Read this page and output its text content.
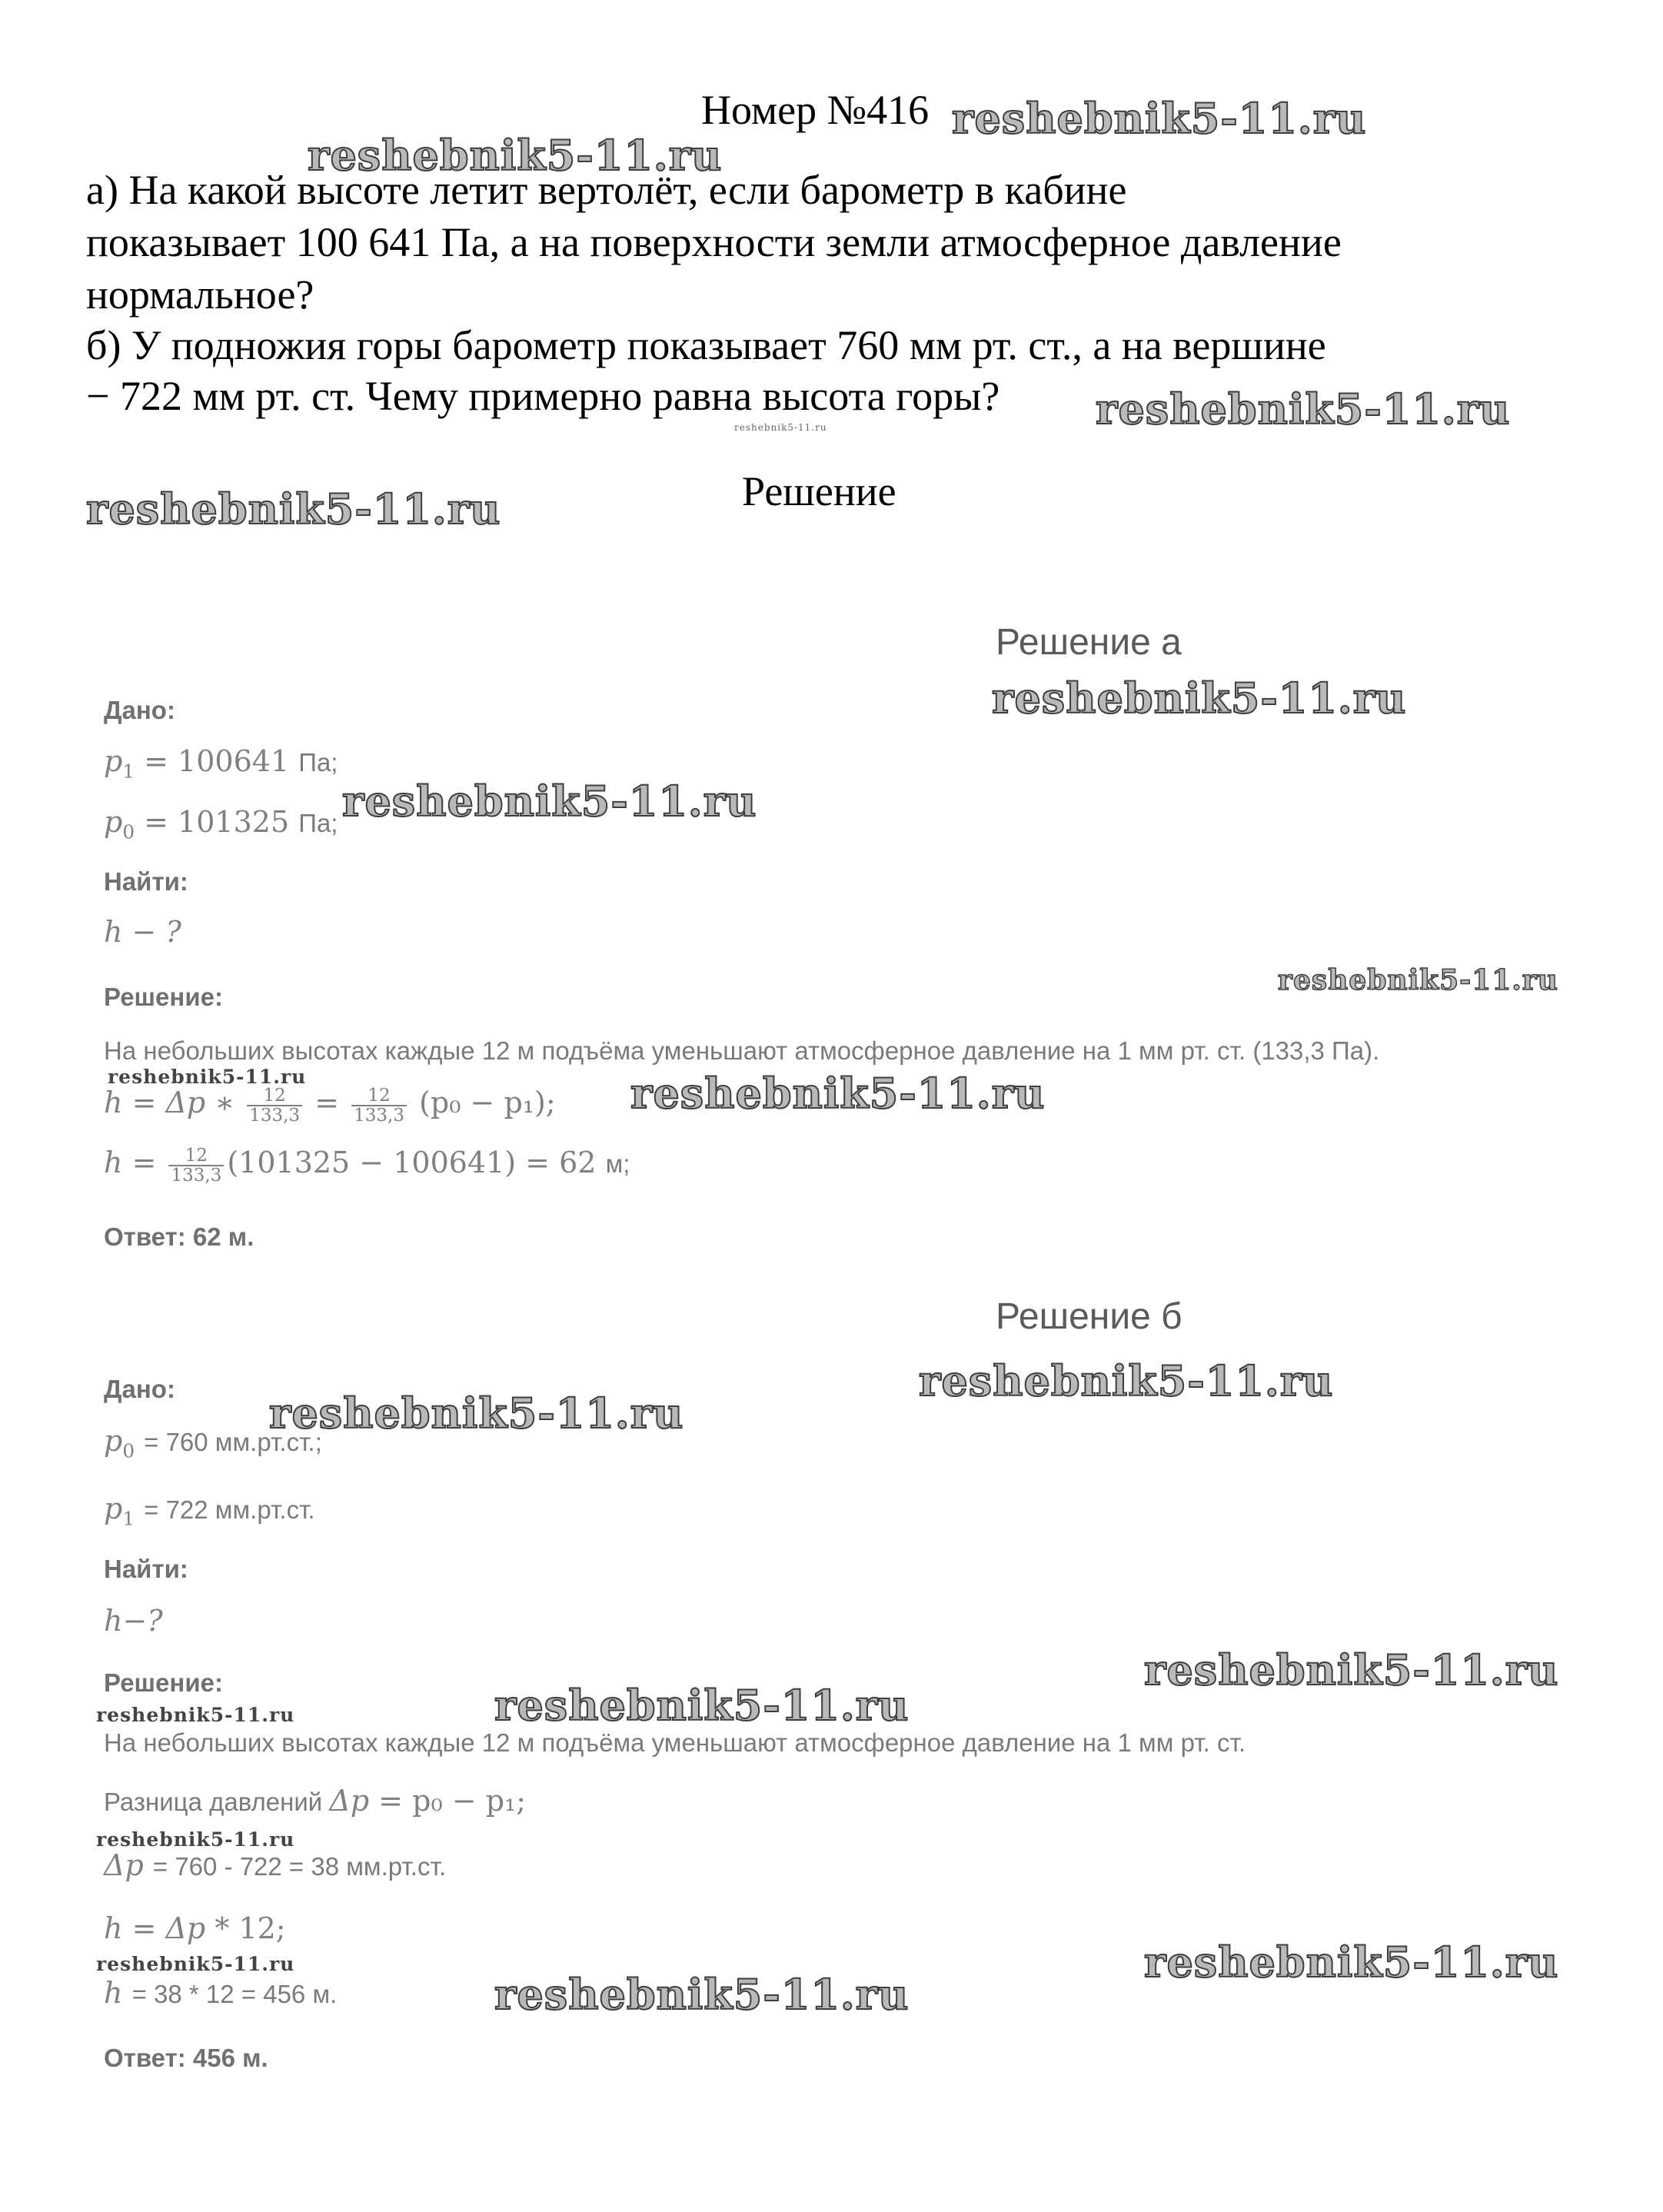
Номер №416
а) На какой высоте летит вертолёт, если барометр в кабине
показывает 100 641 Па, а на поверхности земли атмосферное давление
нормальное?
б) У подножия горы барометр показывает 760 мм рт. ст., а на вершине
− 722 мм рт. ст. Чему примерно равна высота горы?
Решение
Решение а
Дано:
$p_1 = 100641$ Па;
$p_0 = 101325$ Па;
Найти:
h − ?
Решение:
На небольших высотах каждые 12 м подъёма уменьшают атмосферное давление на 1 мм рт. ст. (133,3 Па).
h = Δp ∗ $\frac{12}{133,3} = \frac{12}{133,3} (p_0 - p_1)$;
$h = \frac{12}{133,3} (101325 - 100641) = 62$ м;
Ответ: 62 м.
Решение б
Дано:
$p_0 = 760$ мм.рт.ст.;
$p_1 = 722$ мм.рт.ст.
Найти:
h−?
Решение:
На небольших высотах каждые 12 м подъёма уменьшают атмосферное давление на 1 мм рт. ст.
Разница давлений Δp = p₀ − p₁;
Δp = 760 - 722 = 38 мм.рт.ст.
h = Δp * 12;
h = 38 * 12 = 456 м.
Ответ: 456 м.
reshebnik5-11.ru
reshebnik5-11.ru
reshebnik5-11.ru
reshebnik5-11.ru
reshebnik5-11.ru
reshebnik5-11.ru
reshebnik5-11.ru
reshebnik5-11.ru
reshebnik5-11.ru	reshebnik5-11.ru
reshebnik5-11.ru
reshebnik5-11.ru
reshebnik5-11.ru
reshebnik5-11.ru
reshebnik5-11.ru
reshebnik5-11.ru
reshebnik5-11.ru	reshebnik5-11.ru
reshebnik5-11.ru
